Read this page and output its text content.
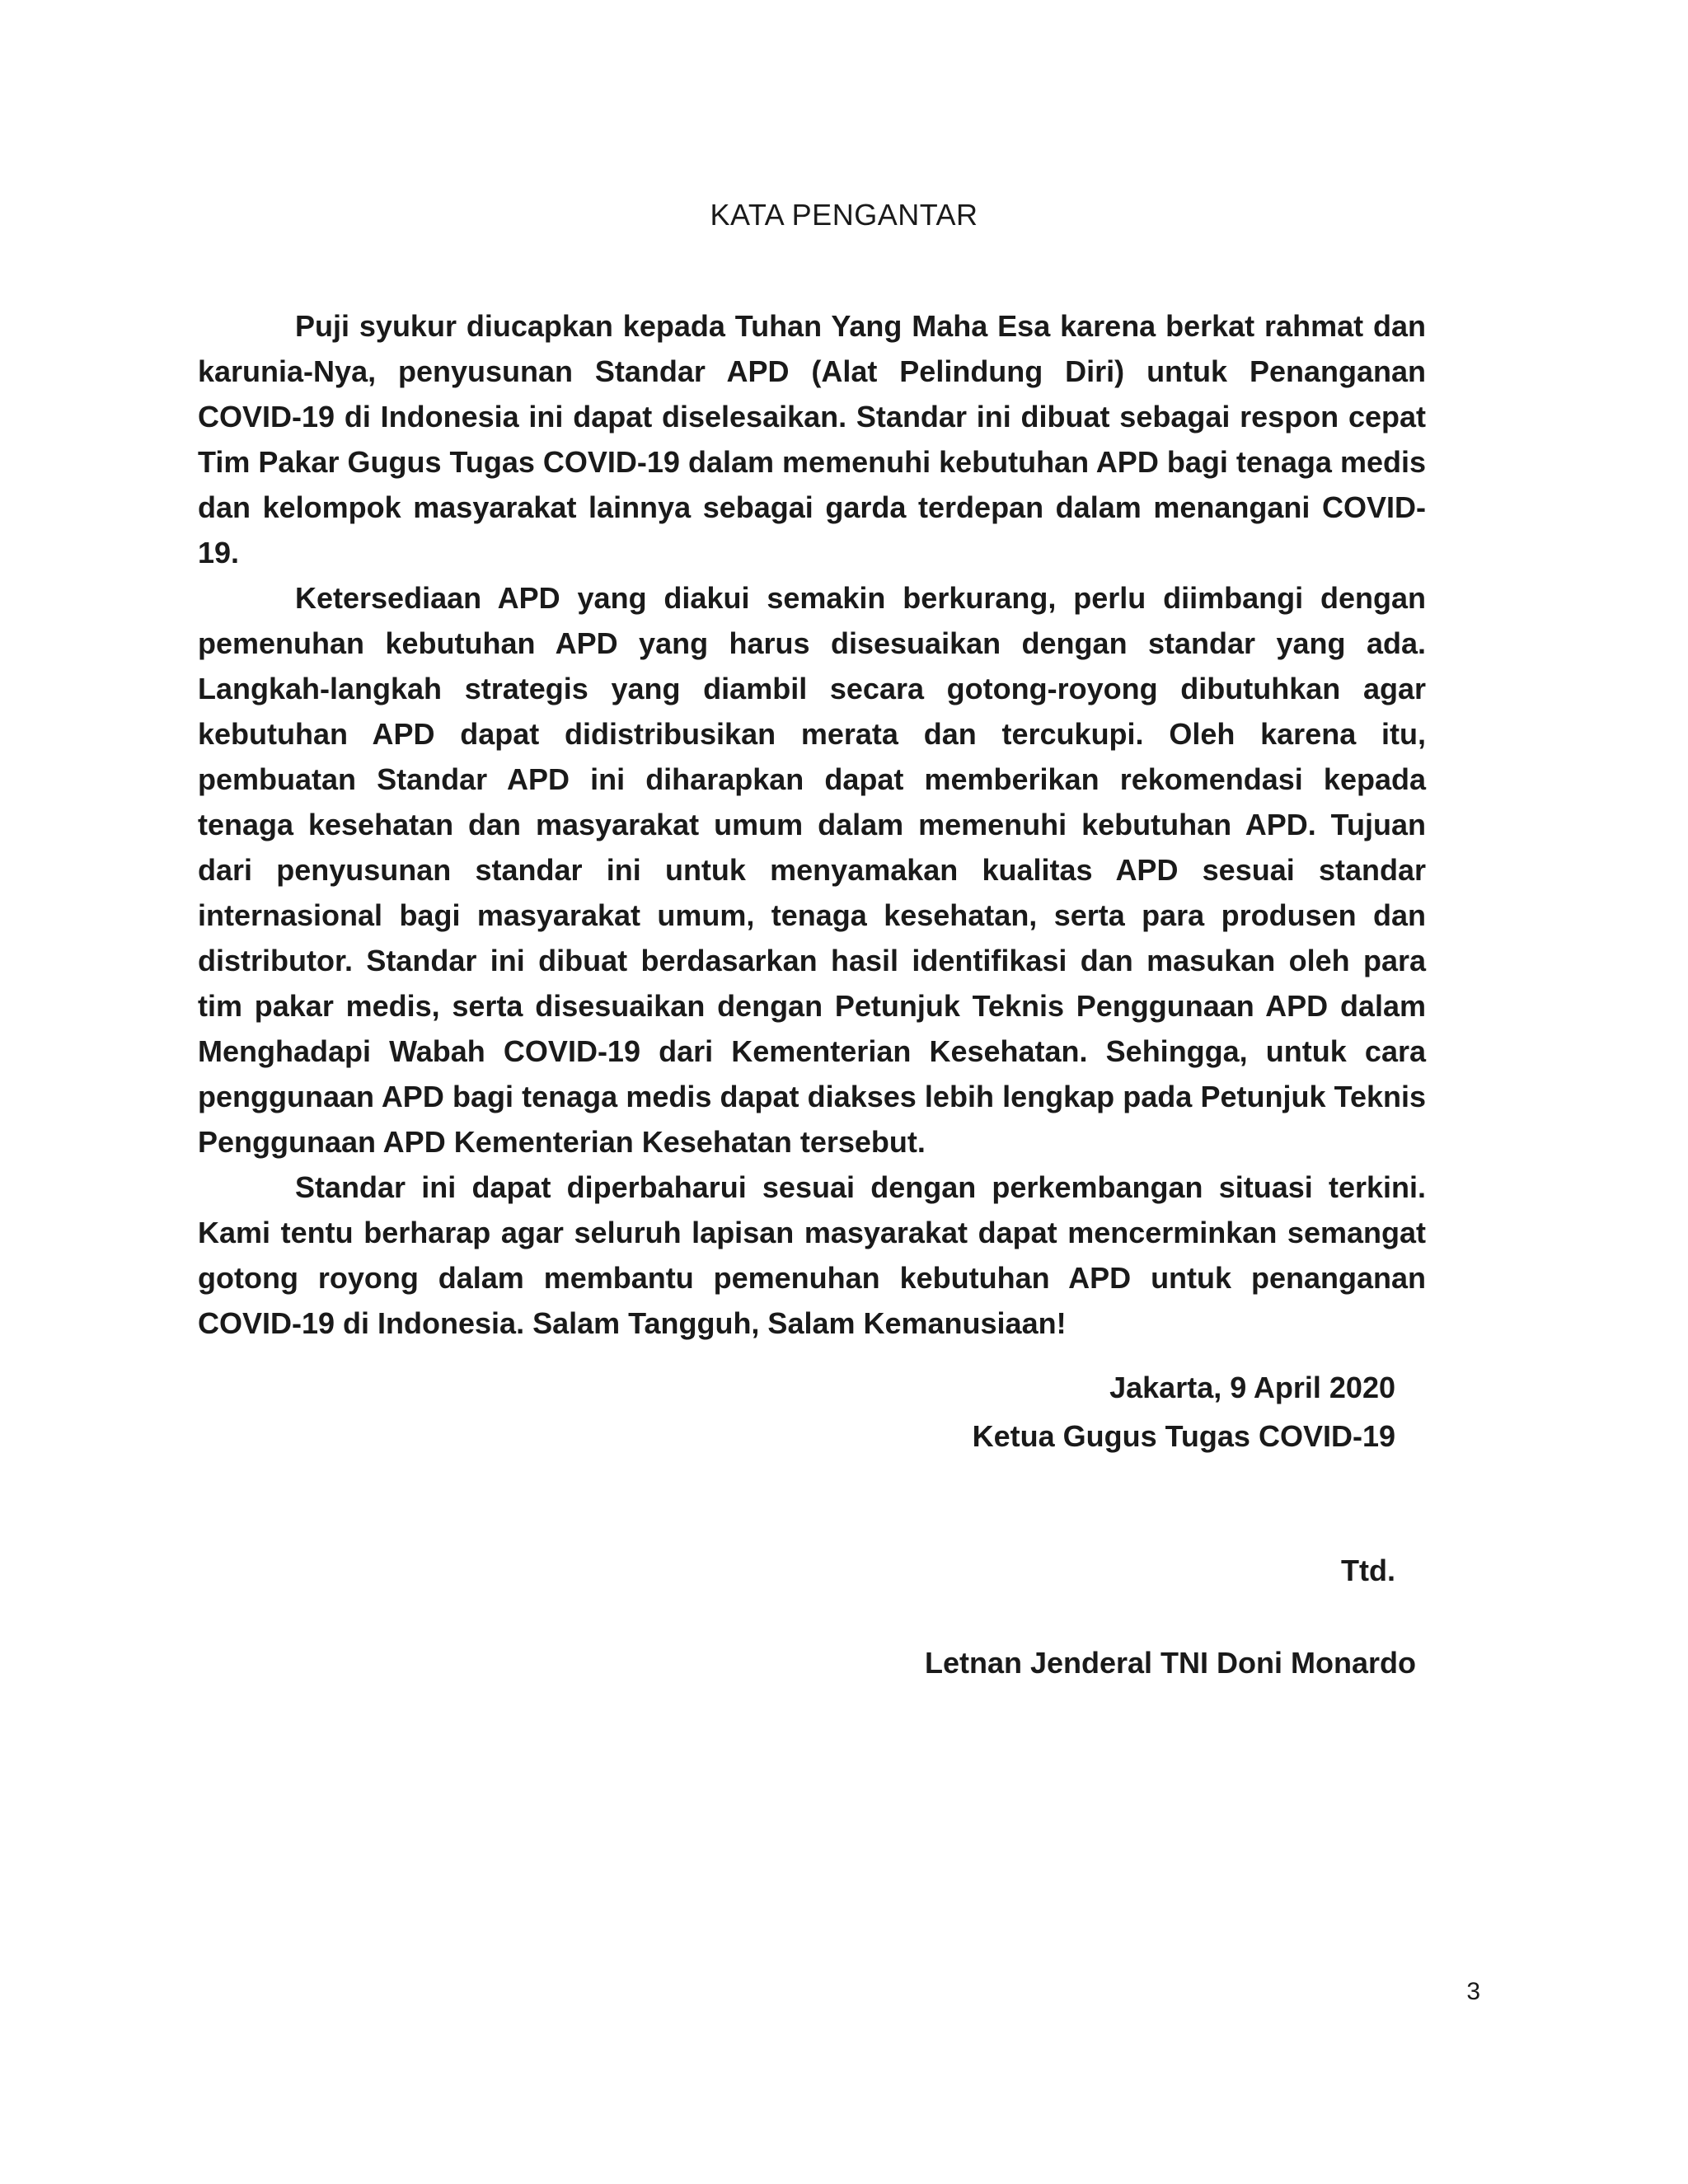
KATA PENGANTAR

Puji syukur diucapkan kepada Tuhan Yang Maha Esa karena berkat rahmat dan karunia-Nya, penyusunan Standar APD (Alat Pelindung Diri) untuk Penanganan COVID-19 di Indonesia ini dapat diselesaikan. Standar ini dibuat sebagai respon cepat Tim Pakar Gugus Tugas COVID-19 dalam memenuhi kebutuhan APD bagi tenaga medis dan kelompok masyarakat lainnya sebagai garda terdepan dalam menangani COVID-19.

Ketersediaan APD yang diakui semakin berkurang, perlu diimbangi dengan pemenuhan kebutuhan APD yang harus disesuaikan dengan standar yang ada. Langkah-langkah strategis yang diambil secara gotong-royong dibutuhkan agar kebutuhan APD dapat didistribusikan merata dan tercukupi. Oleh karena itu, pembuatan Standar APD ini diharapkan dapat memberikan rekomendasi kepada tenaga kesehatan dan masyarakat umum dalam memenuhi kebutuhan APD. Tujuan dari penyusunan standar ini untuk menyamakan kualitas APD sesuai standar internasional bagi masyarakat umum, tenaga kesehatan, serta para produsen dan distributor. Standar ini dibuat berdasarkan hasil identifikasi dan masukan oleh para tim pakar medis, serta disesuaikan dengan Petunjuk Teknis Penggunaan APD dalam Menghadapi Wabah COVID-19 dari Kementerian Kesehatan. Sehingga, untuk cara penggunaan APD bagi tenaga medis dapat diakses lebih lengkap pada Petunjuk Teknis Penggunaan APD Kementerian Kesehatan tersebut.

Standar ini dapat diperbaharui sesuai dengan perkembangan situasi terkini. Kami tentu berharap agar seluruh lapisan masyarakat dapat mencerminkan semangat gotong royong dalam membantu pemenuhan kebutuhan APD untuk penanganan COVID-19 di Indonesia. Salam Tangguh, Salam Kemanusiaan!

Jakarta, 9 April 2020
Ketua Gugus Tugas COVID-19
Ttd.
Letnan Jenderal TNI Doni Monardo
3
